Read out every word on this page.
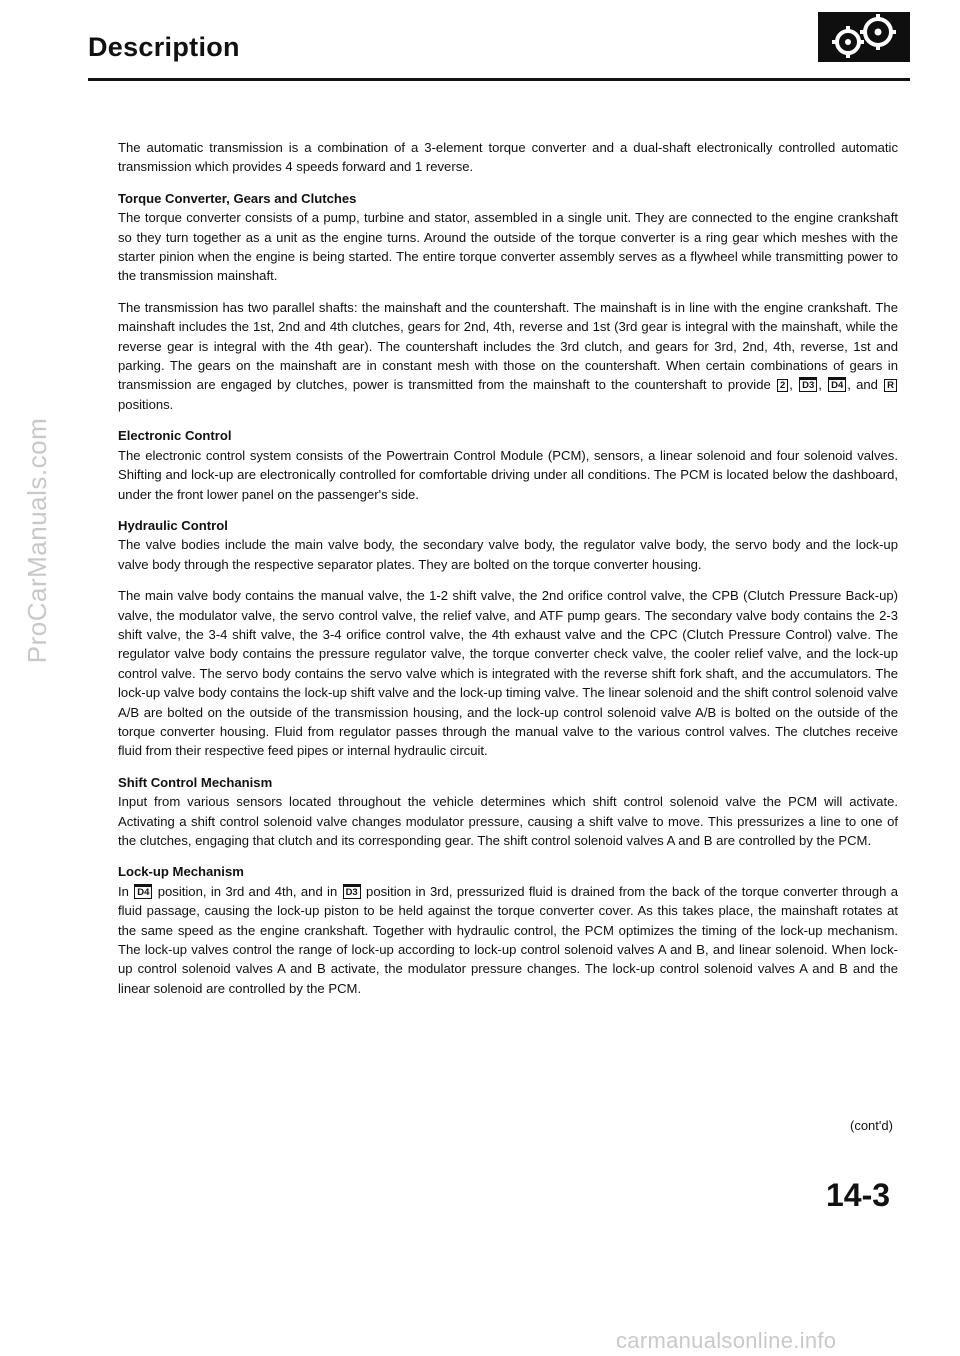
Description
ProCarManuals.com

The automatic transmission is a combination of a 3-element torque converter and a dual-shaft electronically controlled automatic transmission which provides 4 speeds forward and 1 reverse.

Torque Converter, Gears and Clutches
The torque converter consists of a pump, turbine and stator, assembled in a single unit. They are connected to the engine crankshaft so they turn together as a unit as the engine turns. Around the outside of the torque converter is a ring gear which meshes with the starter pinion when the engine is being started. The entire torque converter assembly serves as a flywheel while transmitting power to the transmission mainshaft.

The transmission has two parallel shafts: the mainshaft and the countershaft. The mainshaft is in line with the engine crankshaft. The mainshaft includes the 1st, 2nd and 4th clutches, gears for 2nd, 4th, reverse and 1st (3rd gear is integral with the mainshaft, while the reverse gear is integral with the 4th gear). The countershaft includes the 3rd clutch, and gears for 3rd, 2nd, 4th, reverse, 1st and parking. The gears on the mainshaft are in constant mesh with those on the countershaft. When certain combinations of gears in transmission are engaged by clutches, power is transmitted from the mainshaft to the countershaft to provide 2 , D3 , D4 , and R positions.

Electronic Control
The electronic control system consists of the Powertrain Control Module (PCM), sensors, a linear solenoid and four solenoid valves. Shifting and lock-up are electronically controlled for comfortable driving under all conditions. The PCM is located below the dashboard, under the front lower panel on the passenger's side.

Hydraulic Control
The valve bodies include the main valve body, the secondary valve body, the regulator valve body, the servo body and the lock-up valve body through the respective separator plates. They are bolted on the torque converter housing.

The main valve body contains the manual valve, the 1-2 shift valve, the 2nd orifice control valve, the CPB (Clutch Pressure Back-up) valve, the modulator valve, the servo control valve, the relief valve, and ATF pump gears. The secondary valve body contains the 2-3 shift valve, the 3-4 shift valve, the 3-4 orifice control valve, the 4th exhaust valve and the CPC (Clutch Pressure Control) valve. The regulator valve body contains the pressure regulator valve, the torque converter check valve, the cooler relief valve, and the lock-up control valve. The servo body contains the servo valve which is integrated with the reverse shift fork shaft, and the accumulators. The lock-up valve body contains the lock-up shift valve and the lock-up timing valve. The linear solenoid and the shift control solenoid valve A/B are bolted on the outside of the transmission housing, and the lock-up control solenoid valve A/B is bolted on the outside of the torque converter housing. Fluid from regulator passes through the manual valve to the various control valves. The clutches receive fluid from their respective feed pipes or internal hydraulic circuit.

Shift Control Mechanism
Input from various sensors located throughout the vehicle determines which shift control solenoid valve the PCM will activate. Activating a shift control solenoid valve changes modulator pressure, causing a shift valve to move. This pressurizes a line to one of the clutches, engaging that clutch and its corresponding gear. The shift control solenoid valves A and B are controlled by the PCM.

Lock-up Mechanism
In D4 position, in 3rd and 4th, and in D3 position in 3rd, pressurized fluid is drained from the back of the torque converter through a fluid passage, causing the lock-up piston to be held against the torque converter cover. As this takes place, the mainshaft rotates at the same speed as the engine crankshaft. Together with hydraulic control, the PCM optimizes the timing of the lock-up mechanism. The lock-up valves control the range of lock-up according to lock-up control solenoid valves A and B, and linear solenoid. When lock-up control solenoid valves A and B activate, the modulator pressure changes. The lock-up control solenoid valves A and B and the linear solenoid are controlled by the PCM.

(cont'd)
14-3
carmanualsonline.info
